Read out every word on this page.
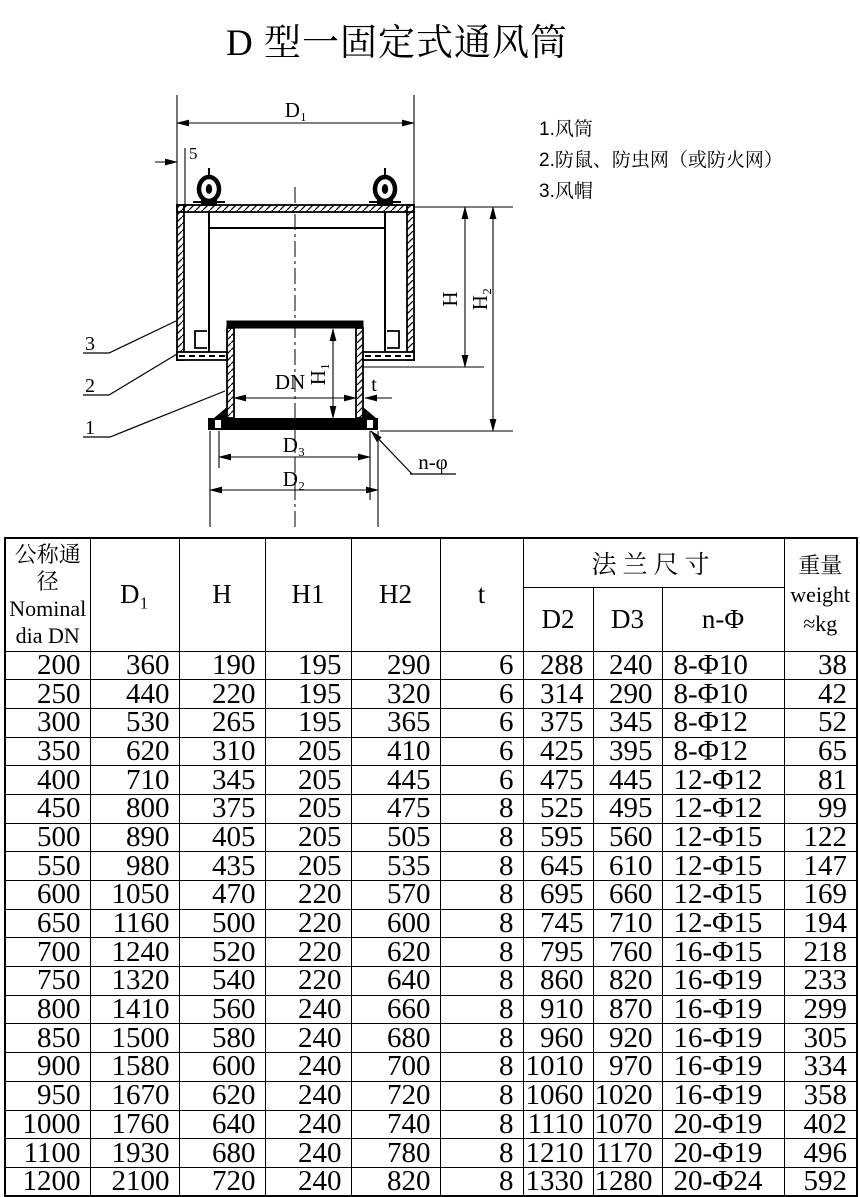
D 型一固定式通风筒
1.风筒
2.防鼠、防虫网（或防火网）
3.风帽
D₁
5
H H₂
H₁
DN	t
D₃
D₂
n-φ
3
2
1
公称通
径
Nominal
dia DN
	D₁	H	H1	H2	t	法兰尺寸	重量
weight
≈kg

						D2	D3	n-Φ	
200	360	190	195	290	6	288	240	8-Φ10	38
250	440	220	195	320	6	314	290	8-Φ10	42
300	530	265	195	365	6	375	345	8-Φ12	52
350	620	310	205	410	6	425	395	8-Φ12	65
400	710	345	205	445	6	475	445	12-Φ12	81
450	800	375	205	475	8	525	495	12-Φ12	99
500	890	405	205	505	8	595	560	12-Φ15	122
550	980	435	205	535	8	645	610	12-Φ15	147
600	1050	470	220	570	8	695	660	12-Φ15	169
650	1160	500	220	600	8	745	710	12-Φ15	194
700	1240	520	220	620	8	795	760	16-Φ15	218
750	1320	540	220	640	8	860	820	16-Φ19	233
800	1410	560	240	660	8	910	870	16-Φ19	299
850	1500	580	240	680	8	960	920	16-Φ19	305
900	1580	600	240	700	8	1010	970	16-Φ19	334
950	1670	620	240	720	8	1060	1020	16-Φ19	358
1000	1760	640	240	740	8	1110	1070	20-Φ19	402
1100	1930	680	240	780	8	1210	1170	20-Φ19	496
1200	2100	720	240	820	8	1330	1280	20-Φ24	592
